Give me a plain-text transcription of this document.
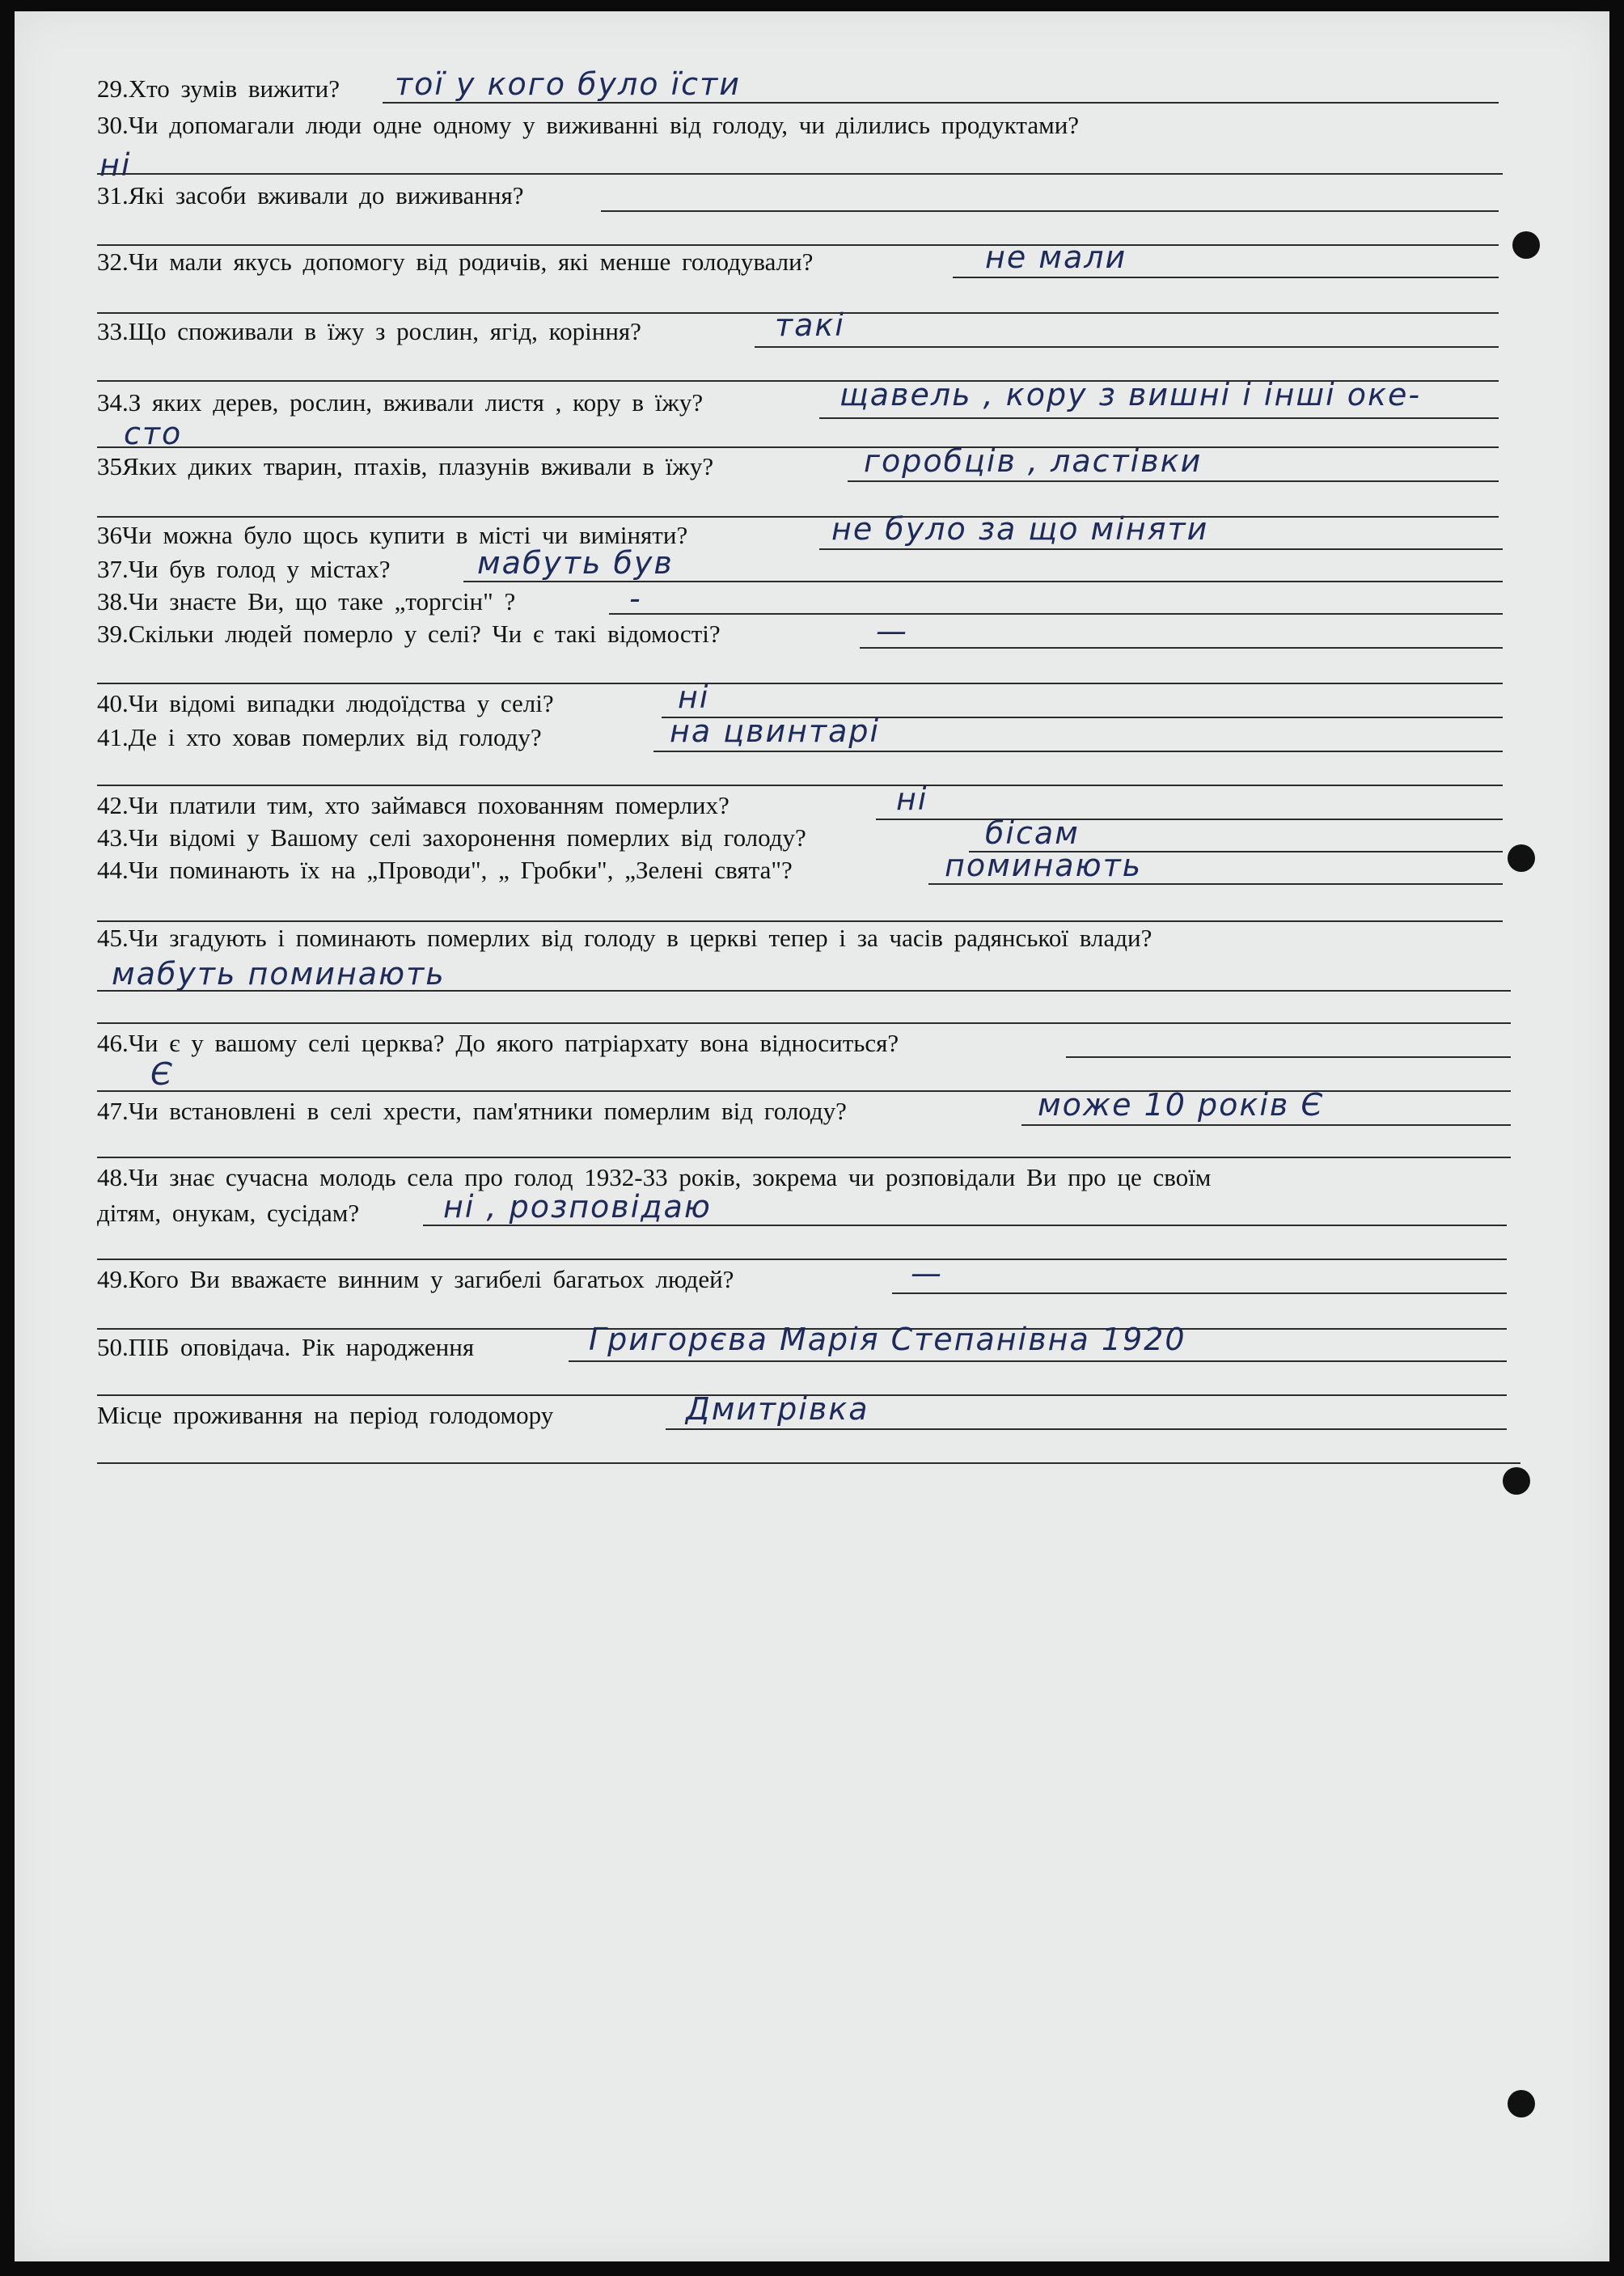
29.Хто зумів вижити? тої у кого було їсти
30.Чи допомагали люди одне одному у виживанні від голоду, чи ділились продуктами?
ні
31.Які засоби вживали до виживання?
32.Чи мали якусь допомогу від родичів, які менше голодували?	не мали
33.Що споживали в їжу з рослин, ягід, коріння?	такі
34.З яких дерев, рослин, вживали листя , кору в їжу?	щавель , кору з вишні і інші оке-
сто
35Яких диких тварин, птахів, плазунів вживали в їжу?	горобців , ластівки
36Чи можна було щось купити в місті чи виміняти?	не було за що міняти
37.Чи був голод у містах?	мабуть був
38.Чи знаєте Ви, що таке „торгсін" ?	-
39.Скільки людей померло у селі? Чи є такі відомості?	—
40.Чи відомі випадки людоїдства у селі?	ні
41.Де і хто ховав померлих від голоду?	на цвинтарі
42.Чи платили тим, хто займався похованням померлих?	ні
43.Чи відомі у Вашому селі захоронення померлих від голоду?	бісам
44.Чи поминають їх на „Проводи", „ Гробки", „Зелені свята"?	поминають
45.Чи згадують і поминають померлих від голоду в церкві тепер і за часів радянської влади?
мабуть поминають
46.Чи є у вашому селі церква? До якого патріархату вона відноситься?
Є
47.Чи встановлені в селі хрести, пам'ятники померлим від голоду?	може 10 років Є
48.Чи знає сучасна молодь села про голод 1932-33 років, зокрема чи розповідали Ви про це своїм
дітям, онукам, сусідам?	ні , розповідаю
49.Кого Ви вважаєте винним у загибелі багатьох людей?	—
50.ПІБ оповідача. Рік народження	Григорєва Марія Степанівна 1920
Місце проживання на період голодомору	Дмитрівка
